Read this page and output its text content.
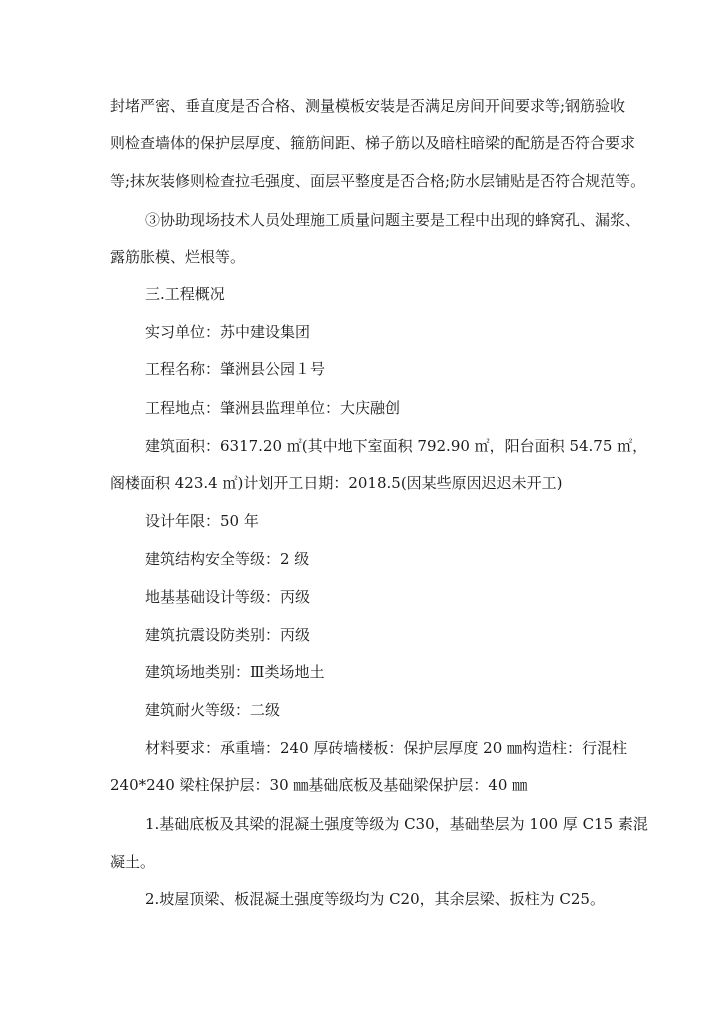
封堵严密、垂直度是否合格、测量模板安装是否满足房间开间要求等;钢筋验收
则检查墙体的保护层厚度、箍筋间距、梯子筋以及暗柱暗梁的配筋是否符合要求
等;抹灰装修则检查拉毛强度、面层平整度是否合格;防水层铺贴是否符合规范等。
③协助现场技术人员处理施工质量问题主要是工程中出现的蜂窝孔、漏浆、
露筋胀模、烂根等。
三.工程概况
实习单位：苏中建设集团
工程名称：肇洲县公园１号
工程地点：肇洲县监理单位：大庆融创
建筑面积：6317.20 ㎡(其中地下室面积 792.90 ㎡，阳台面积 54.75 ㎡，
阁楼面积 423.4 ㎡)计划开工日期：2018.5(因某些原因迟迟未开工)
设计年限：50 年
建筑结构安全等级：2 级
地基基础设计等级：丙级
建筑抗震设防类别：丙级
建筑场地类别：Ⅲ类场地土
建筑耐火等级：二级
材料要求：承重墙：240 厚砖墙楼板：保护层厚度 20 ㎜构造柱：行混柱
240*240 梁柱保护层：30 ㎜基础底板及基础梁保护层：40 ㎜
1.基础底板及其梁的混凝土强度等级为 C30，基础垫层为 100 厚 C15 素混
凝土。
2.坡屋顶梁、板混凝土强度等级均为 C20，其余层梁、扳柱为 C25。
